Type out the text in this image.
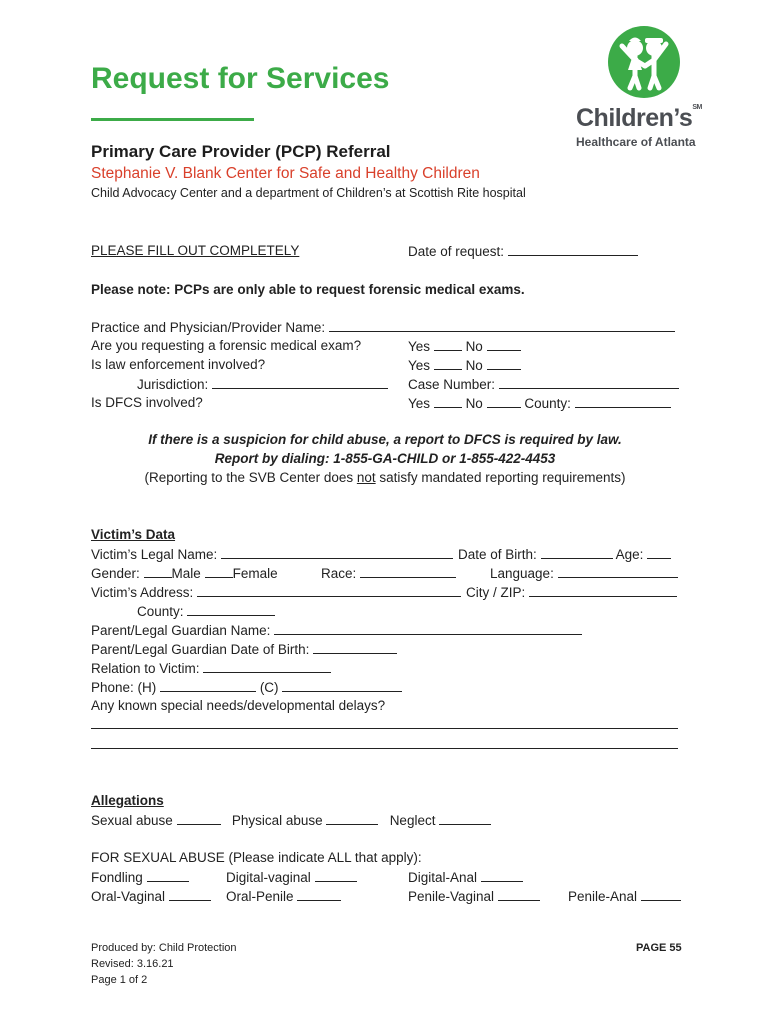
Request for Services
Children’s℠
Healthcare of Atlanta
Primary Care Provider (PCP) Referral
Stephanie V. Blank Center for Safe and Healthy Children
Child Advocacy Center and a department of Children’s at Scottish Rite hospital
PLEASE FILL OUT COMPLETELY	Date of request:
Please note: PCPs are only able to request forensic medical exams.
Practice and Physician/Provider Name:
Are you requesting a forensic medical exam?	Yes	No
Is law enforcement involved?	Yes	No
Jurisdiction:	Case Number:
Is DFCS involved?	Yes	No	County:
If there is a suspicion for child abuse, a report to DFCS is required by law.
Report by dialing: 1-855-GA-CHILD or 1-855-422-4453
(Reporting to the SVB Center does not satisfy mandated reporting requirements)
Victim’s Data
Victim’s Legal Name:	Date of Birth:	Age:
Gender: Male Female	Race:	Language:
Victim’s Address:	City / ZIP:
County:
Parent/Legal Guardian Name:
Parent/Legal Guardian Date of Birth:
Relation to Victim:
Phone: (H)	(C)
Any known special needs/developmental delays?
Allegations
Sexual abuse	Physical abuse	Neglect
FOR SEXUAL ABUSE (Please indicate ALL that apply):
Fondling	Digital-vaginal	Digital-Anal
Oral-Vaginal	Oral-Penile	Penile-Vaginal	Penile-Anal
Produced by: Child Protection
Revised: 3.16.21
Page 1 of 2
PAGE 55
